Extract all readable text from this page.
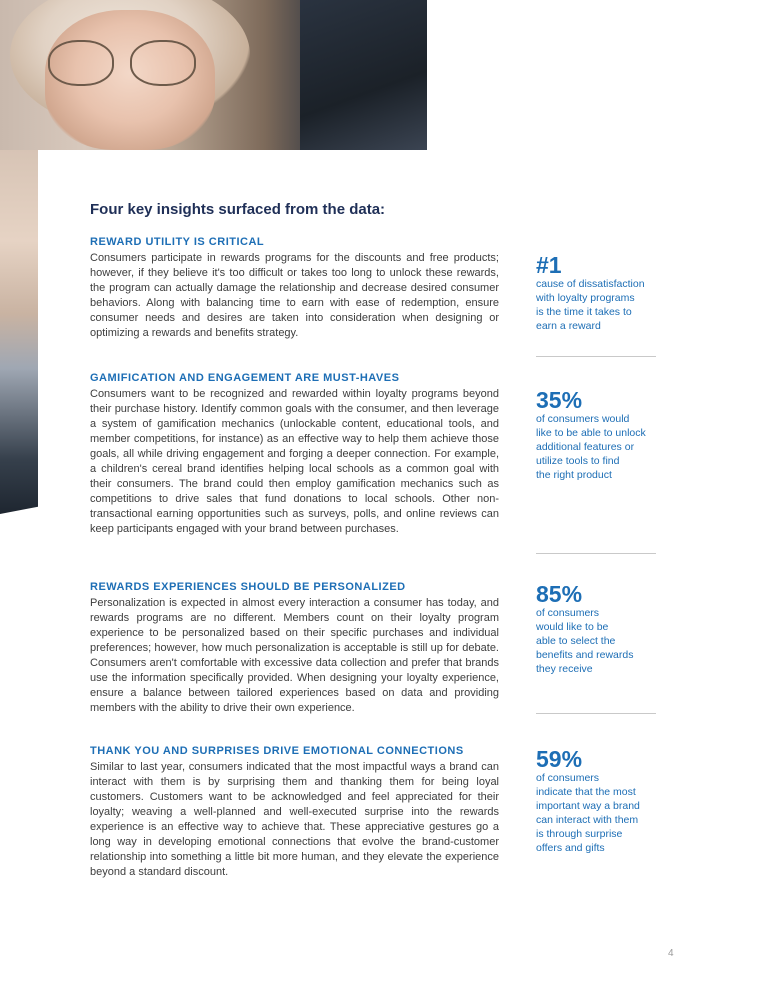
Four key insights surfaced from the data:
REWARD UTILITY IS CRITICAL

Consumers participate in rewards programs for the discounts and free products; however, if they believe it's too difficult or takes too long to unlock these rewards, the program can actually damage the relationship and decrease desired consumer behaviors. Along with balancing time to earn with ease of redemption, ensure consumer needs and desires are taken into consideration when designing or optimizing a rewards and benefits strategy.

GAMIFICATION AND ENGAGEMENT ARE MUST-HAVES

Consumers want to be recognized and rewarded within loyalty programs beyond their purchase history. Identify common goals with the consumer, and then leverage a system of gamification mechanics (unlockable content, educational tools, and member competitions, for instance) as an effective way to help them achieve those goals, all while driving engagement and forging a deeper connection. For example, a children's cereal brand identifies helping local schools as a common goal with their consumers. The brand could then employ gamification mechanics such as competitions to drive sales that fund donations to local schools. Other non-transactional earning opportunities such as surveys, polls, and online reviews can keep participants engaged with your brand between purchases.

REWARDS EXPERIENCES SHOULD BE PERSONALIZED

Personalization is expected in almost every interaction a consumer has today, and rewards programs are no different. Members count on their loyalty program experience to be personalized based on their specific purchases and individual preferences; however, how much personalization is acceptable is still up for debate. Consumers aren't comfortable with excessive data collection and prefer that brands use the information specifically provided. When designing your loyalty experience, ensure a balance between tailored experiences based on data and providing members with the ability to drive their own experience.

THANK YOU AND SURPRISES DRIVE EMOTIONAL CONNECTIONS

Similar to last year, consumers indicated that the most impactful ways a brand can interact with them is by surprising them and thanking them for being loyal customers. Customers want to be acknowledged and feel appreciated for their loyalty; weaving a well-planned and well-executed surprise into the rewards experience is an effective way to achieve that. These appreciative gestures go a long way in developing emotional connections that evolve the brand-customer relationship into something a little bit more human, and they elevate the experience beyond a standard discount.

#1
cause of dissatisfaction
with loyalty programs
is the time it takes to
earn a reward
35%
of consumers would
like to be able to unlock
additional features or
utilize tools to find
the right product
85%
of consumers
would like to be
able to select the
benefits and rewards
they receive
59%
of consumers
indicate that the most
important way a brand
can interact with them
is through surprise
offers and gifts
4
